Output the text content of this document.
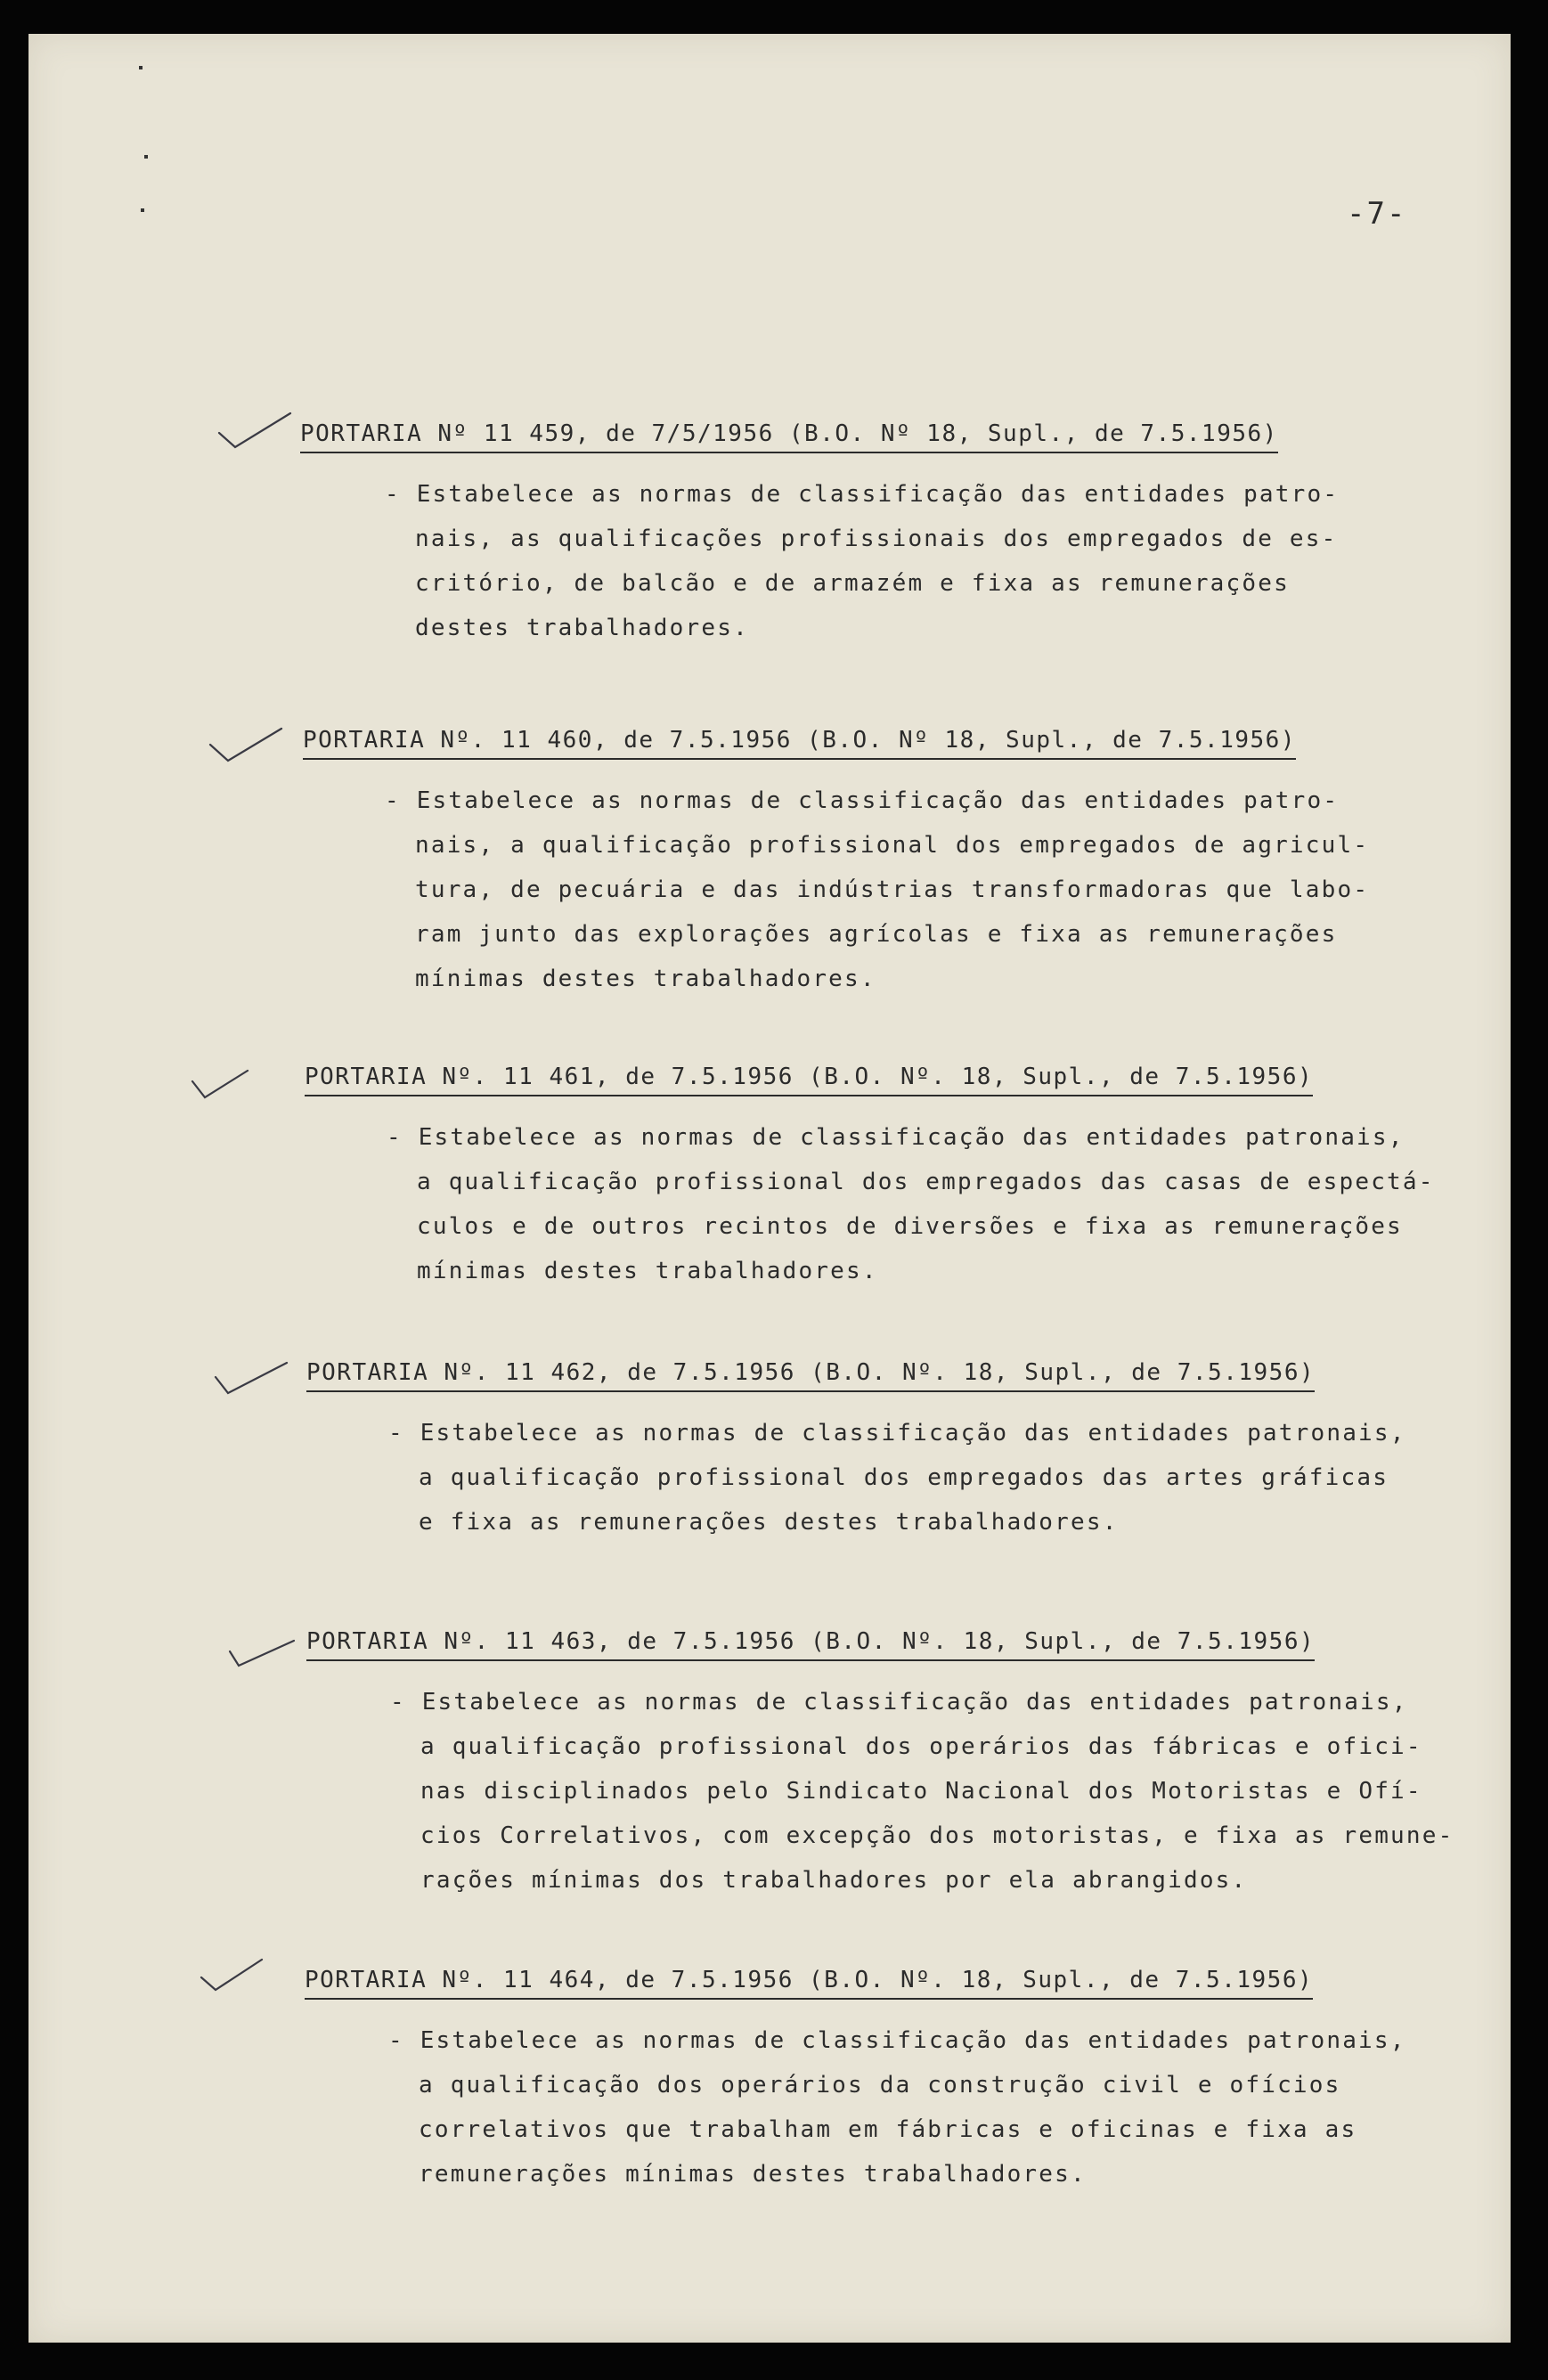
-7-
PORTARIA Nº 11 459, de 7/5/1956 (B.O. Nº 18, Supl., de 7.5.1956)

- Estabelece as normas de classificação das entidades patro-

nais, as qualificações profissionais dos empregados de es-

critório, de balcão e de armazém e fixa as remunerações

destes trabalhadores.

PORTARIA Nº. 11 460, de 7.5.1956 (B.O. Nº 18, Supl., de 7.5.1956)

- Estabelece as normas de classificação das entidades patro-

nais, a qualificação profissional dos empregados de agricul-

tura, de pecuária e das indústrias transformadoras que labo-

ram junto das explorações agrícolas e fixa as remunerações

mínimas destes trabalhadores.

PORTARIA Nº. 11 461, de 7.5.1956 (B.O. Nº. 18, Supl., de 7.5.1956)

- Estabelece as normas de classificação das entidades patronais,

a qualificação profissional dos empregados das casas de espectá-

culos e de outros recintos de diversões e fixa as remunerações

mínimas destes trabalhadores.

PORTARIA Nº. 11 462, de 7.5.1956 (B.O. Nº. 18, Supl., de 7.5.1956)

- Estabelece as normas de classificação das entidades patronais,

a qualificação profissional dos empregados das artes gráficas

e fixa as remunerações destes trabalhadores.

PORTARIA Nº. 11 463, de 7.5.1956 (B.O. Nº. 18, Supl., de 7.5.1956)

- Estabelece as normas de classificação das entidades patronais,

a qualificação profissional dos operários das fábricas e ofici-

nas disciplinados pelo Sindicato Nacional dos Motoristas e Ofí-

cios Correlativos, com excepção dos motoristas, e fixa as remune-

rações mínimas dos trabalhadores por ela abrangidos.

PORTARIA Nº. 11 464, de 7.5.1956 (B.O. Nº. 18, Supl., de 7.5.1956)

- Estabelece as normas de classificação das entidades patronais,

a qualificação dos operários da construção civil e ofícios

correlativos que trabalham em fábricas e oficinas e fixa as

remunerações mínimas destes trabalhadores.
